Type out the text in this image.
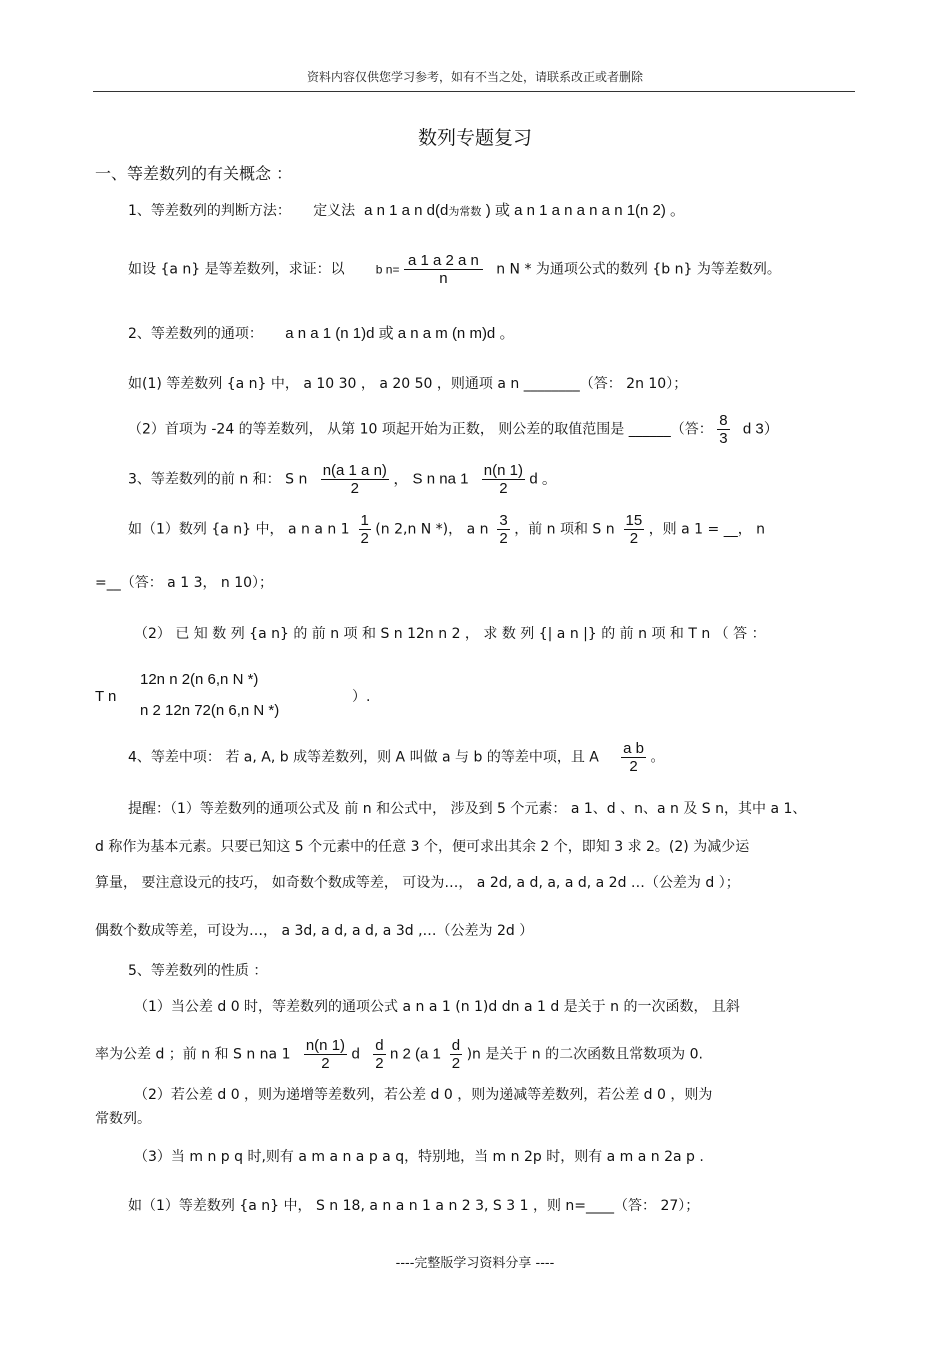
资料内容仅供您学习参考，如有不当之处，请联系改正或者删除
数列专题复习
一、等差数列的有关概念 ：
1、等差数列的判断方法： 定义法 a n 1 a n d(d为常数 ) 或 a n 1 a n a n a n 1(n 2) 。
如设 {a n} 是等差数列，求证：以	b $n= \frac{\text{a 1 a 2 a n}}{n}$ n N * 为通项公式的数列 {b n} 为等差数列。
2、等差数列的通项： a n a 1 (n 1)d 或 a n a m (n m)d 。
如(1) 等差数列 {a n} 中， a 10 30 ， a 20 50 ，则通项 a n ________（答： 2n 10）；
（2）首项为 -24 的等差数列， 从第 10 项起开始为正数， 则公差的取值范围是 ______（答： $\frac{8}{3}$ d 3）
3、等差数列的前 n 和： S n $\frac{\text{n(a 1 a n)}}{2}$ ， S n na $1 \frac{n(n 1)}{2}$ d 。
如（1）数列 {a n} 中， a n a n $1 \frac{1}{2} (n$ 2,n N *)， a n $\frac{3}{2}$ ，前 n 项和 S n $\frac{15}{2}$ ，则 a 1 = __， n
=__（答： a 1 3， n 10）；
（2） 已 知 数 列 {a n} 的 前 n 项 和 S n 12n n 2 ， 求 数 列 {| a n |} 的 前 n 项 和 T n （ 答 ：
T n
12n n 2(n 6,n N *)
n 2 12n 72(n 6,n N *)
）.
4、等差中项： 若 a, A, b 成等差数列，则 A 叫做 a 与 b 的等差中项，且 A $\frac{\text{a b}}{2}$ 。
提醒：（1）等差数列的通项公式及 前 n 和公式中， 涉及到 5 个元素： a 1、d 、n、a n 及 S n，其中 a 1、
d 称作为基本元素。只要已知这 5 个元素中的任意 3 个，便可求出其余 2 个，即知 3 求 2。(2) 为减少运
算量， 要注意设元的技巧， 如奇数个数成等差， 可设为…， a 2d, a d, a, a d, a 2d …（公差为 d ）；
偶数个数成等差，可设为…， a 3d, a d, a d, a 3d ,…（公差为 2d ）
5、等差数列的性质 ：
（1）当公差 d 0 时，等差数列的通项公式 a n a 1 (n 1)d dn a 1 d 是关于 n 的一次函数， 且斜
率为公差 d ；前 n 和 S n na $1 \frac{n(n 1)}{2}$ d $\frac{d}{2}$ n 2 (a $1 \frac{d}{2} )n$ 是关于 n 的二次函数且常数项为 0.
（2）若公差 d 0 ，则为递增等差数列，若公差 d 0 ，则为递减等差数列，若公差 d 0 ，则为
常数列。
（3）当 m n p q 时,则有 a m a n a p a q，特别地，当 m n 2p 时，则有 a m a n 2a p .
如（1）等差数列 {a n} 中， S n 18, a n a n 1 a n 2 3, S 3 1 ，则 n=____（答： 27）；
----完整版学习资料分享 ----
